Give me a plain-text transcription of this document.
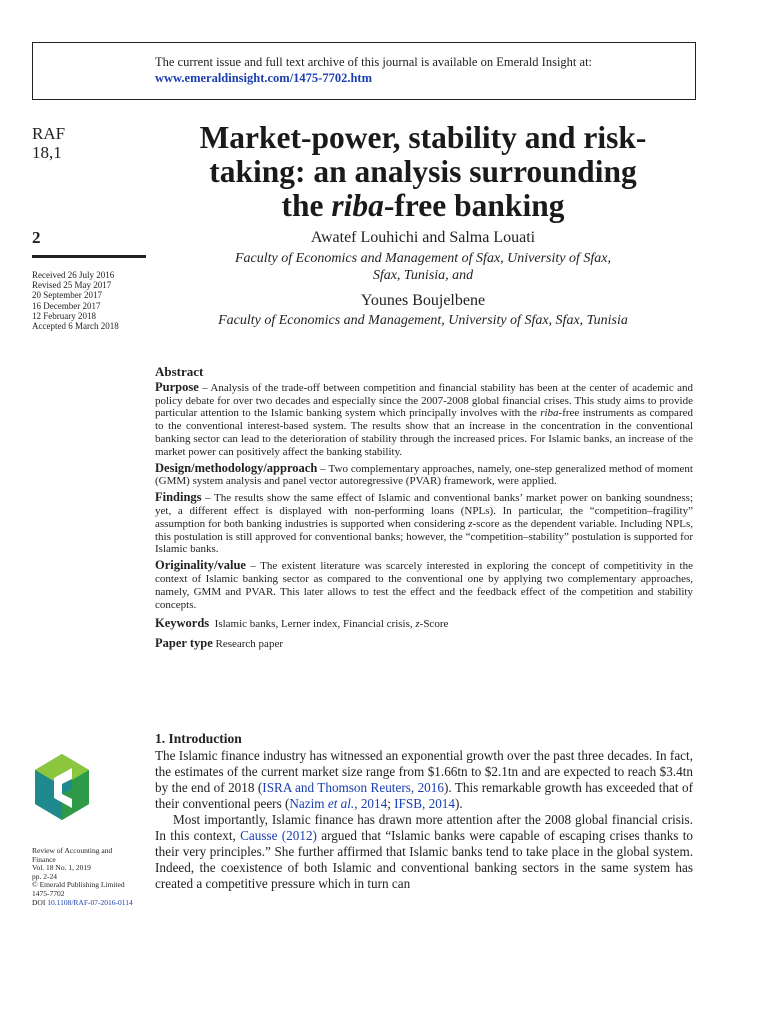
The current issue and full text archive of this journal is available on Emerald Insight at:
www.emeraldinsight.com/1475-7702.htm
RAF
18,1
2
Received 26 July 2016
Revised 25 May 2017
20 September 2017
16 December 2017
12 February 2018
Accepted 6 March 2018
Market-power, stability and risk-
taking: an analysis surrounding
the riba-free banking
Awatef Louhichi and Salma Louati
Faculty of Economics and Management of Sfax, University of Sfax,
Sfax, Tunisia, and
Younes Boujelbene
Faculty of Economics and Management, University of Sfax, Sfax, Tunisia
Abstract

Purpose – Analysis of the trade-off between competition and financial stability has been at the center of academic and policy debate for over two decades and especially since the 2007-2008 global financial crises. This study aims to provide particular attention to the Islamic banking system which principally involves with the riba-free instruments as compared to the conventional interest-based system. The results show that an increase in the concentration in the conventional banking sector can lead to the deterioration of stability through the increased prices. For Islamic banks, an increase of the market power can positively affect the banking stability.

Design/methodology/approach – Two complementary approaches, namely, one-step generalized method of moment (GMM) system analysis and panel vector autoregressive (PVAR) framework, were applied.

Findings – The results show the same effect of Islamic and conventional banks’ market power on banking soundness; yet, a different effect is displayed with non-performing loans (NPLs). In particular, the “competition–fragility” assumption for both banking industries is supported when considering z-score as the dependent variable. Including NPLs, this postulation is still approved for conventional banks; however, the “competition–stability” postulation is supported for Islamic banks.

Originality/value – The existent literature was scarcely interested in exploring the concept of competitivity in the context of Islamic banking sector as compared to the conventional one by applying two complementary approaches, namely, GMM and PVAR. This later allows to test the effect and the feedback effect of the competition and stability concepts.

Keywords  Islamic banks, Lerner index, Financial crisis, z-Score

Paper type Research paper

1. Introduction

The Islamic finance industry has witnessed an exponential growth over the past three decades. In fact, the estimates of the current market size range from $1.66tn to $2.1tn and are expected to reach $3.4tn by the end of 2018 (ISRA and Thomson Reuters, 2016). This remarkable growth has exceeded that of their conventional peers (Nazim et al., 2014; IFSB, 2014).

Most importantly, Islamic finance has drawn more attention after the 2008 global financial crisis. In this context, Causse (2012) argued that “Islamic banks were capable of escaping crises thanks to their very principles.” She further affirmed that Islamic banks tend to take place in the global system. Indeed, the coexistence of both Islamic and conventional banking sectors in the same system has created a competitive pressure which in turn can

Review of Accounting and
Finance
Vol. 18 No. 1, 2019
pp. 2-24
© Emerald Publishing Limited
1475-7702
DOI 10.1108/RAF-07-2016-0114
